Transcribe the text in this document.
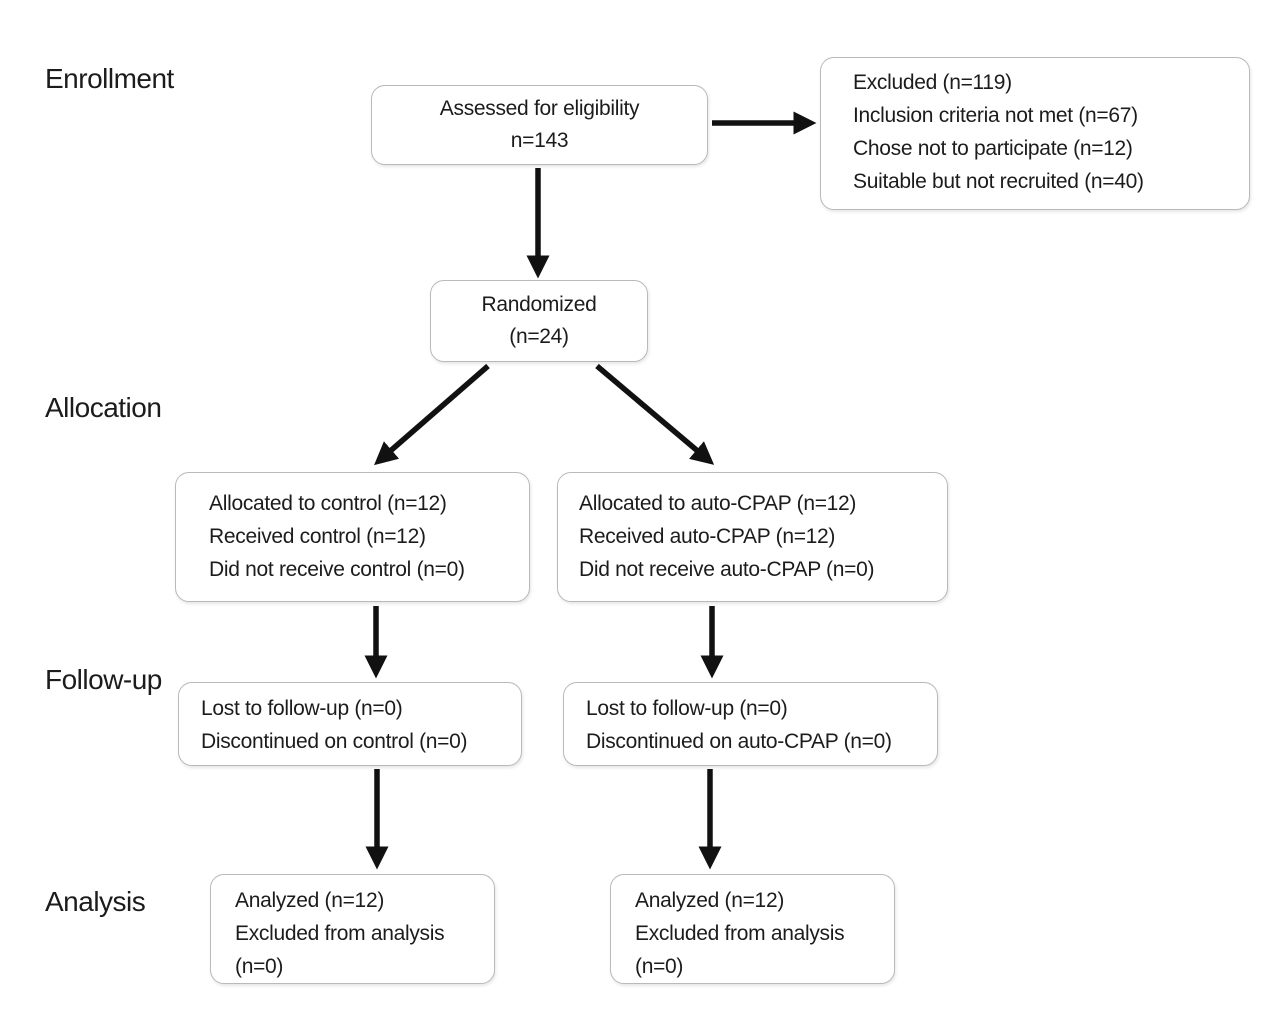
Enrollment
Allocation
Follow-up
Analysis
Assessed for eligibility
n=143
Excluded (n=119)
Inclusion criteria not met (n=67)
Chose not to participate (n=12)
Suitable but not recruited (n=40)
Randomized
(n=24)
Allocated to control (n=12)
Received control (n=12)
Did not receive control (n=0)
Allocated to auto-CPAP (n=12)
Received auto-CPAP (n=12)
Did not receive auto-CPAP (n=0)
Lost to follow-up (n=0)
Discontinued on control (n=0)
Lost to follow-up (n=0)
Discontinued on auto-CPAP (n=0)
Analyzed (n=12)
Excluded from analysis
(n=0)
Analyzed (n=12)
Excluded from analysis
(n=0)
